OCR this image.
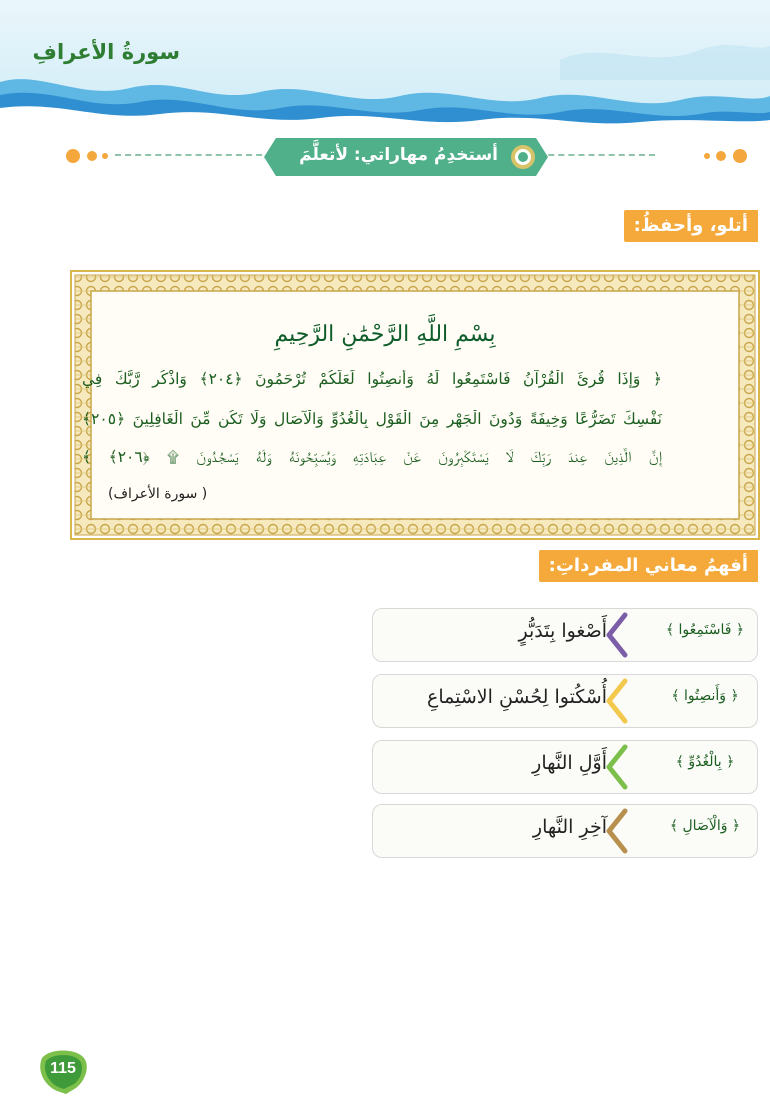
سورةُ الأعرافِ
أستخدِمُ مهاراتي: لأتعلَّمَ
أتلو، وأحفظُ:
بِسْمِ اللَّهِ الرَّحْمَٰنِ الرَّحِيمِ
﴿ وَإِذَا قُرِئَ الْقُرْآنُ فَاسْتَمِعُوا لَهُ وَأَنصِتُوا لَعَلَّكُمْ تُرْحَمُونَ ﴿٢٠٤﴾ وَاذْكُر رَّبَّكَ فِي
نَفْسِكَ تَضَرُّعًا وَخِيفَةً وَدُونَ الْجَهْرِ مِنَ الْقَوْلِ بِالْغُدُوِّ وَالْآصَالِ وَلَا تَكُن مِّنَ الْغَافِلِينَ ﴿٢٠٥﴾
إِنَّ الَّذِينَ عِندَ رَبِّكَ لَا يَسْتَكْبِرُونَ عَنْ عِبَادَتِهِ وَيُسَبِّحُونَهُ وَلَهُ يَسْجُدُونَ ۩ ﴿٢٠٦﴾ ﴾
( سورة الأعراف)
أفهمُ معاني المفرداتِ:
﴿ فَاسْتَمِعُوا ﴾
أَصْغوا بِتَدَبُّرٍ
﴿ وَأَنصِتُوا ﴾
أُسْكُتوا لِحُسْنِ الاسْتِماعِ
﴿ بِالْغُدُوِّ ﴾
أَوَّلِ النَّهارِ
﴿ وَالْآصَالِ ﴾
آخِرِ النَّهارِ
115
